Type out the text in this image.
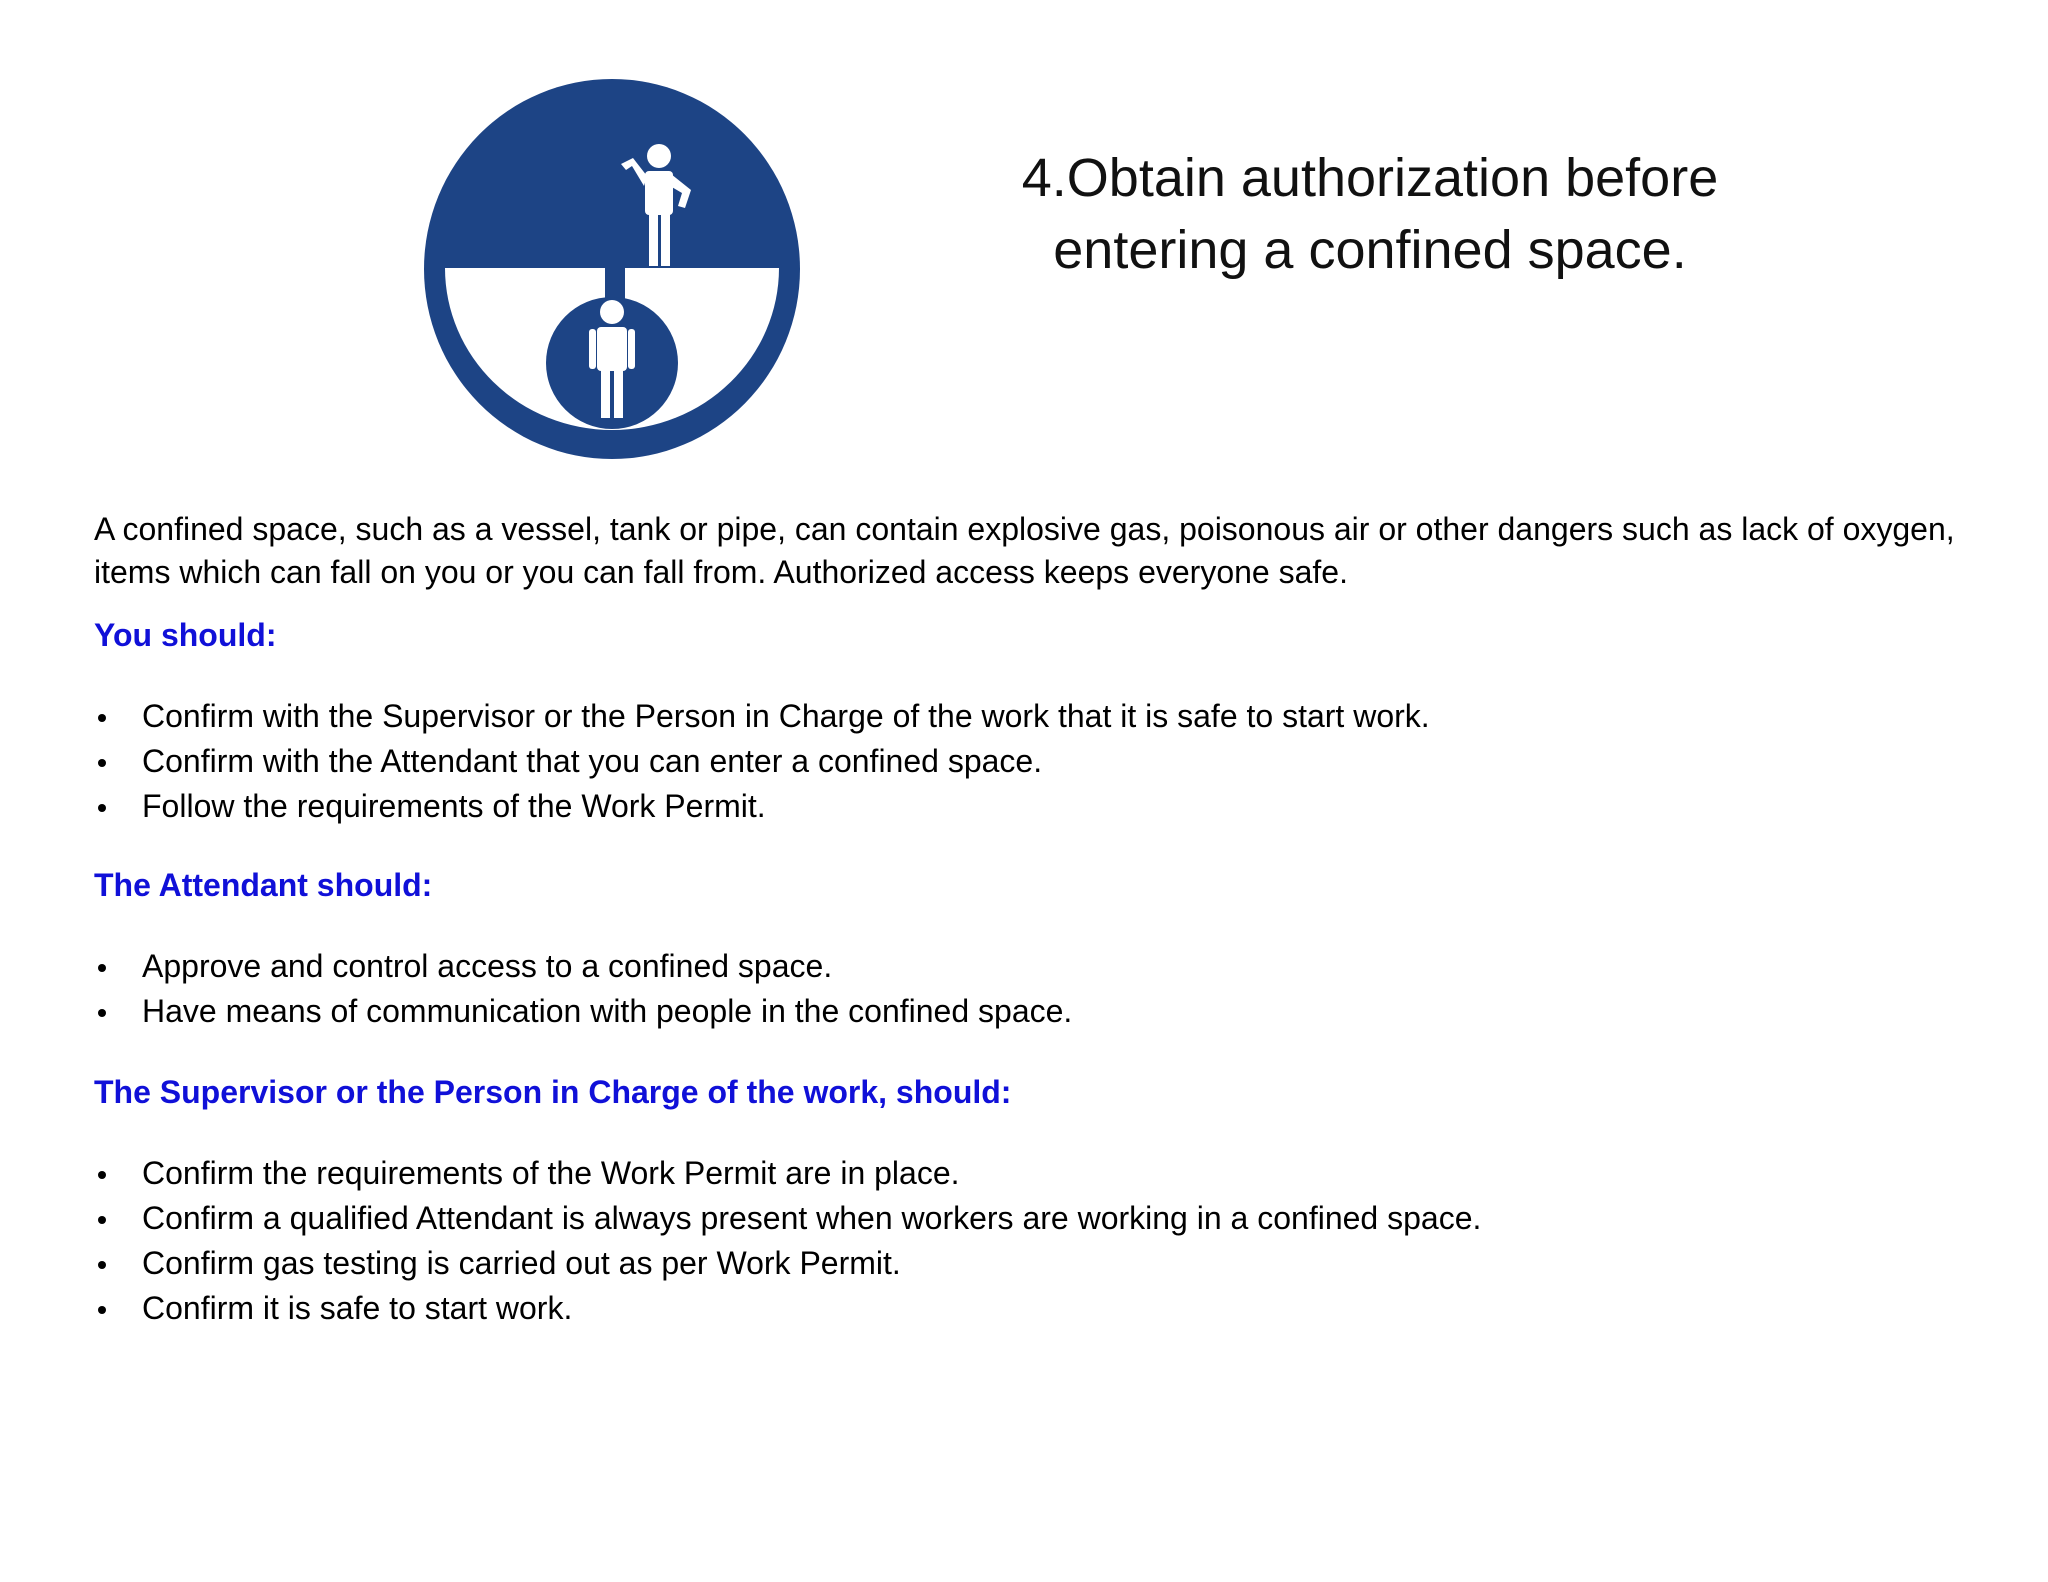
4.Obtain authorization before
entering a confined space.

A confined space, such as a vessel, tank or pipe, can contain explosive gas, poisonous air or other dangers such as lack of oxygen,
items which can fall on you or you can fall from. Authorized access keeps everyone safe.

You should:

Confirm with the Supervisor or the Person in Charge of the work that it is safe to start work.
Confirm with the Attendant that you can enter a confined space.
Follow the requirements of the Work Permit.

The Attendant should:

Approve and control access to a confined space.
Have means of communication with people in the confined space.

The Supervisor or the Person in Charge of the work, should:

Confirm the requirements of the Work Permit are in place.
Confirm a qualified Attendant is always present when workers are working in a confined space.
Confirm gas testing is carried out as per Work Permit.
Confirm it is safe to start work.
